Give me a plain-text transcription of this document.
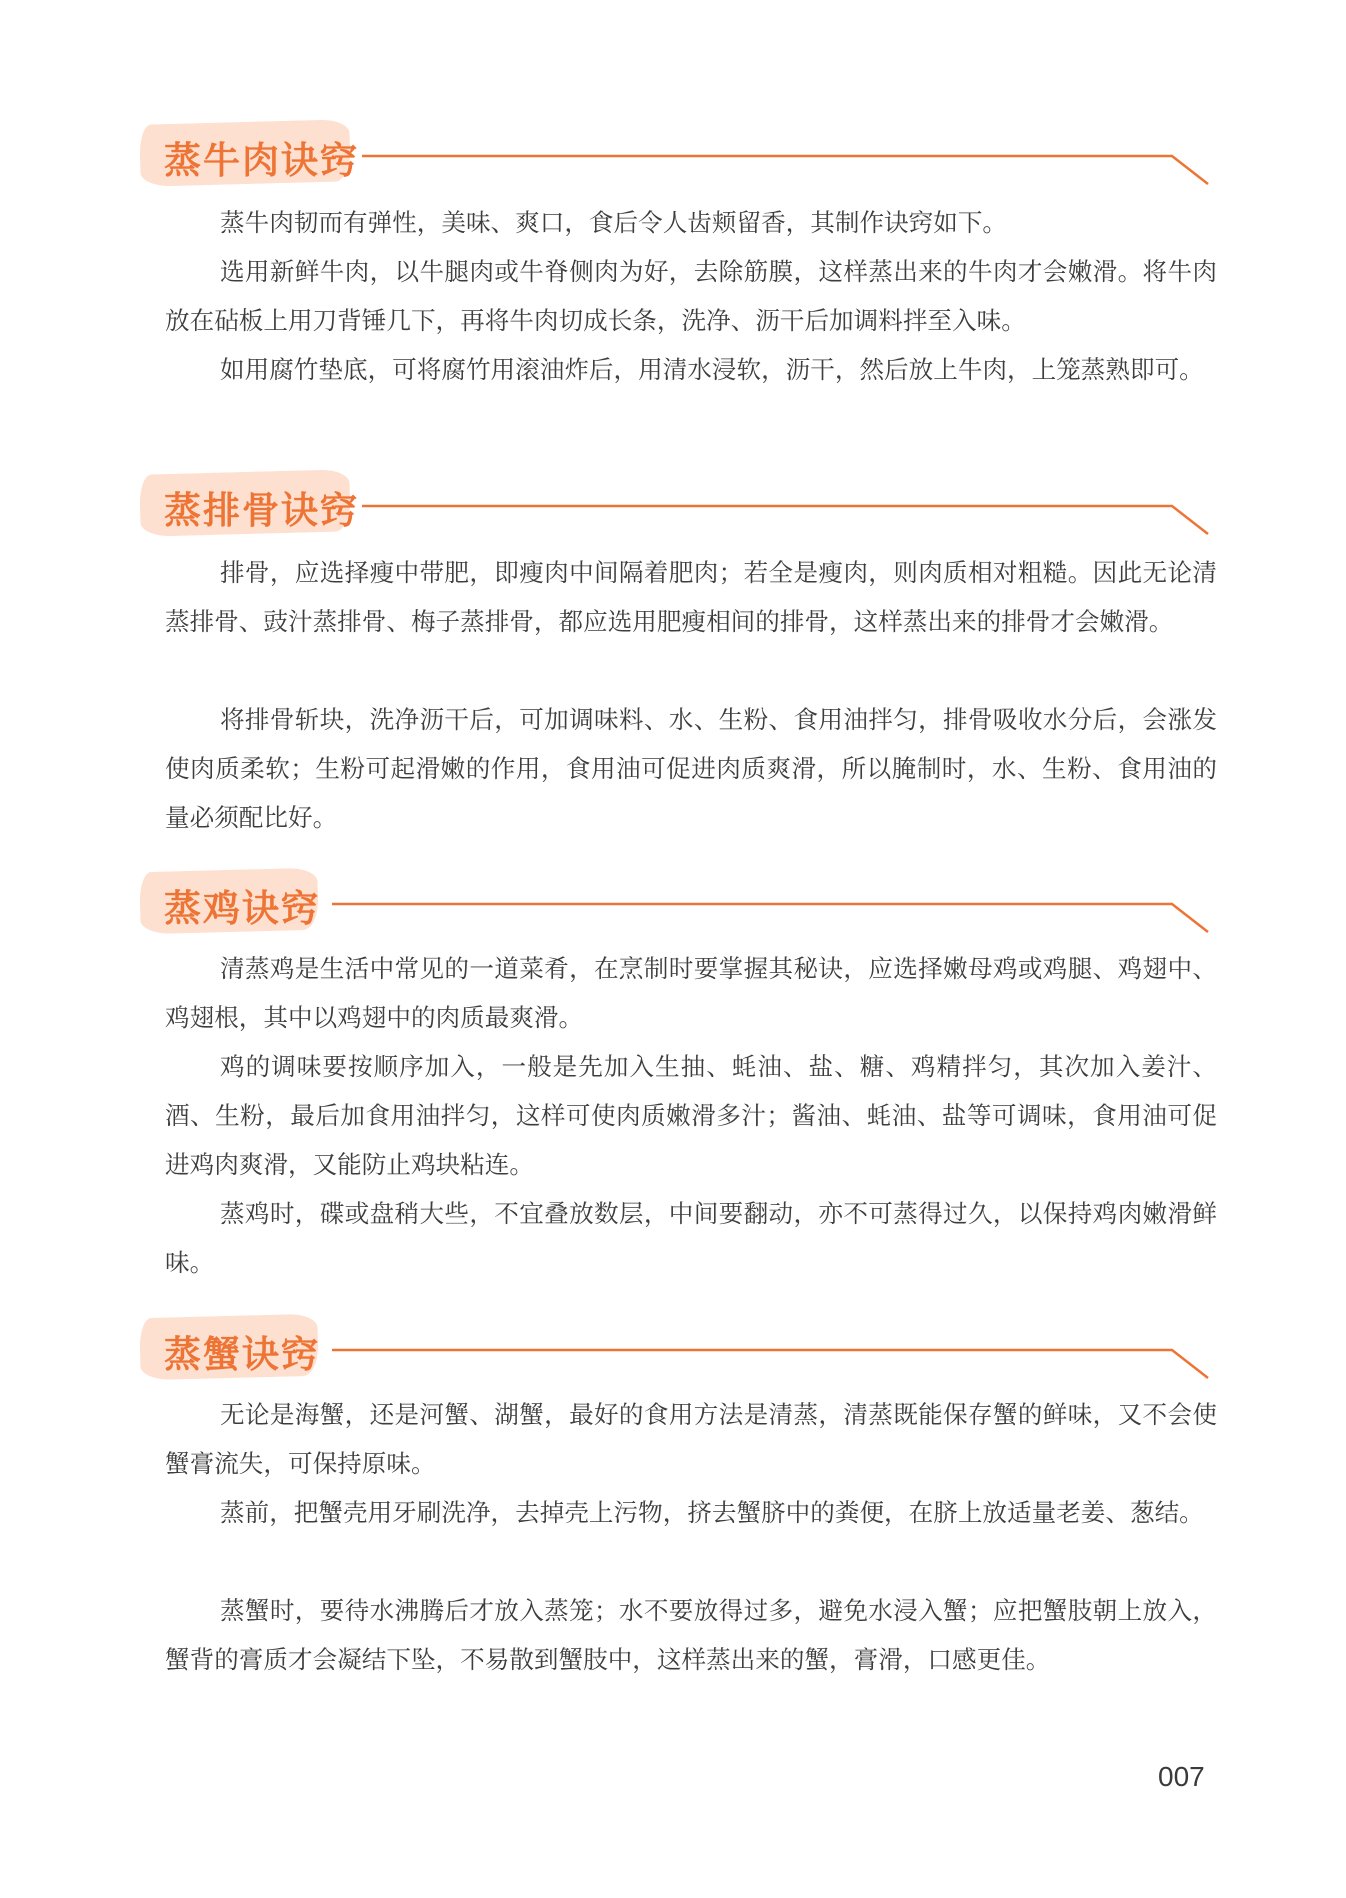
蒸牛肉诀窍

蒸牛肉韧而有弹性，美味、爽口，食后令人齿颊留香，其制作诀窍如下。

选用新鲜牛肉，以牛腿肉或牛脊侧肉为好，去除筋膜，这样蒸出来的牛肉才会嫩滑。将牛肉放在砧板上用刀背锤几下，再将牛肉切成长条，洗净、沥干后加调料拌至入味。

如用腐竹垫底，可将腐竹用滚油炸后，用清水浸软，沥干，然后放上牛肉，上笼蒸熟即可。

蒸排骨诀窍

排骨，应选择瘦中带肥，即瘦肉中间隔着肥肉；若全是瘦肉，则肉质相对粗糙。因此无论清蒸排骨、豉汁蒸排骨、梅子蒸排骨，都应选用肥瘦相间的排骨，这样蒸出来的排骨才会嫩滑。

将排骨斩块，洗净沥干后，可加调味料、水、生粉、食用油拌匀，排骨吸收水分后，会涨发使肉质柔软；生粉可起滑嫩的作用，食用油可促进肉质爽滑，所以腌制时，水、生粉、食用油的量必须配比好。

蒸鸡诀窍

清蒸鸡是生活中常见的一道菜肴，在烹制时要掌握其秘诀，应选择嫩母鸡或鸡腿、鸡翅中、鸡翅根，其中以鸡翅中的肉质最爽滑。

鸡的调味要按顺序加入，一般是先加入生抽、蚝油、盐、糖、鸡精拌匀，其次加入姜汁、酒、生粉，最后加食用油拌匀，这样可使肉质嫩滑多汁；酱油、蚝油、盐等可调味，食用油可促进鸡肉爽滑，又能防止鸡块粘连。

蒸鸡时，碟或盘稍大些，不宜叠放数层，中间要翻动，亦不可蒸得过久，以保持鸡肉嫩滑鲜味。

蒸蟹诀窍

无论是海蟹，还是河蟹、湖蟹，最好的食用方法是清蒸，清蒸既能保存蟹的鲜味，又不会使蟹膏流失，可保持原味。

蒸前，把蟹壳用牙刷洗净，去掉壳上污物，挤去蟹脐中的粪便，在脐上放适量老姜、葱结。

蒸蟹时，要待水沸腾后才放入蒸笼；水不要放得过多，避免水浸入蟹；应把蟹肢朝上放入，蟹背的膏质才会凝结下坠，不易散到蟹肢中，这样蒸出来的蟹，膏滑，口感更佳。

007
